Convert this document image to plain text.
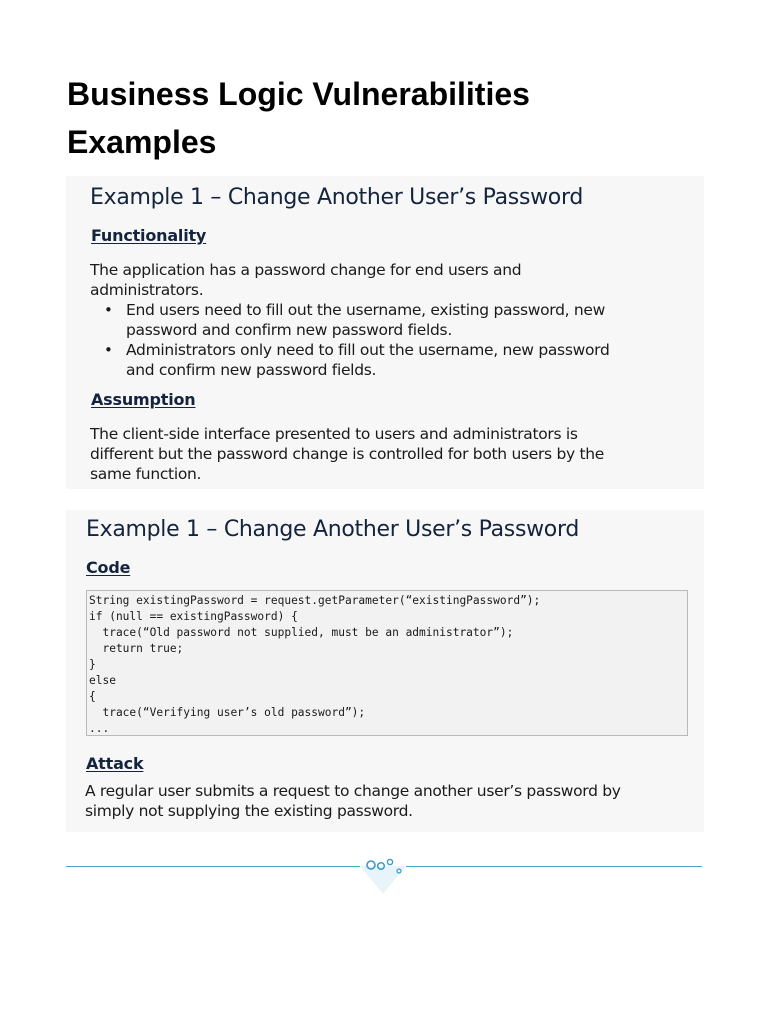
Business Logic Vulnerabilities
Examples
Example 1 – Change Another User’s Password
Functionality

The application has a password change for end users and
administrators.

• End users need to fill out the username, existing password, new
password and confirm new password fields.
• Administrators only need to fill out the username, new password
and confirm new password fields.
Assumption

The client-side interface presented to users and administrators is
different but the password change is controlled for both users by the
same function.

Example 1 – Change Another User’s Password
Code
String existingPassword = request.getParameter(“existingPassword”);
if (null == existingPassword) {
trace(“Old password not supplied, must be an administrator”);
return true;
}
else
{
trace(“Verifying user’s old password”);
...
Attack

A regular user submits a request to change another user’s password by
simply not supplying the existing password.
